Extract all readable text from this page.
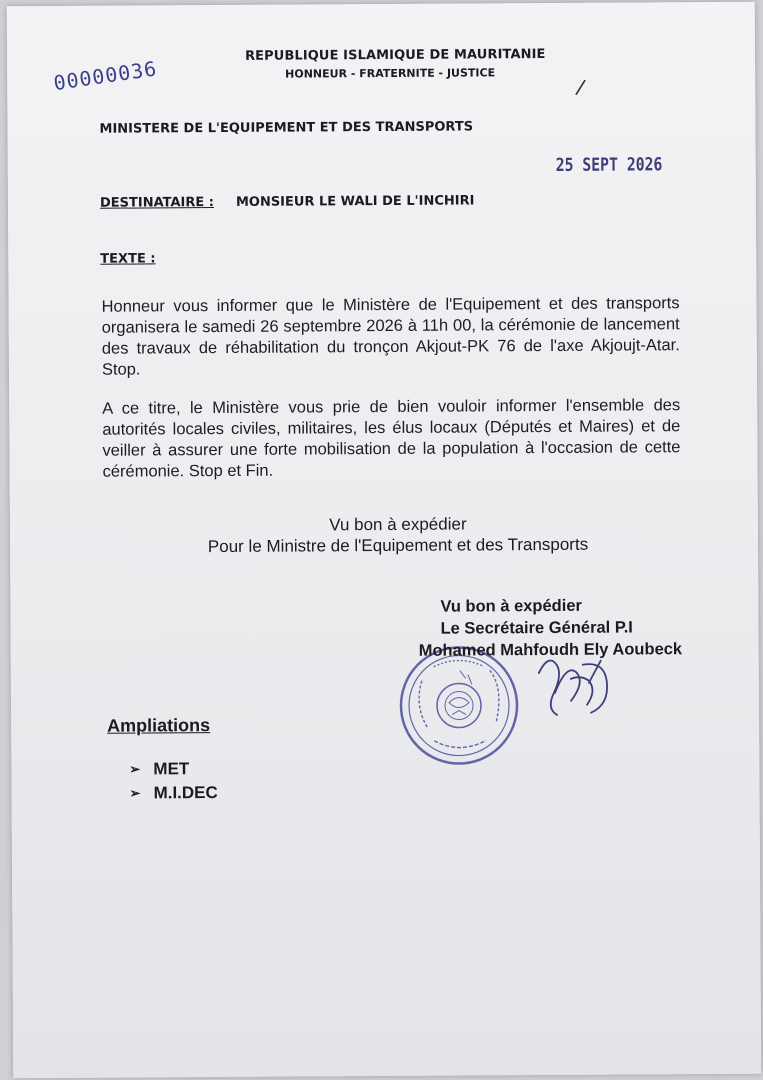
REPUBLIQUE ISLAMIQUE DE MAURITANIE
HONNEUR - FRATERNITE - JUSTICE
00000036	/
MINISTERE DE L'EQUIPEMENT ET DES TRANSPORTS
25 SEPT 2026
DESTINATAIRE : MONSIEUR LE WALI DE L'INCHIRI
TEXTE :
Honneur vous informer que le Ministère de l'Equipement et des transports organisera le samedi 26 septembre 2026 à 11h 00, la cérémonie de lancement des travaux de réhabilitation du tronçon Akjout-PK 76 de l'axe Akjoujt-Atar. Stop.
A ce titre, le Ministère vous prie de bien vouloir informer l'ensemble des autorités locales civiles, militaires, les élus locaux (Députés et Maires) et de veiller à assurer une forte mobilisation de la population à l'occasion de cette cérémonie. Stop et Fin.
Vu bon à expédier
Pour le Ministre de l'Equipement et des Transports
Vu bon à expédier
Le Secrétaire Général P.I
Mohamed Mahfoudh Ely Aoubeck
Ampliations
➢ MET
➢ M.I.DEC
